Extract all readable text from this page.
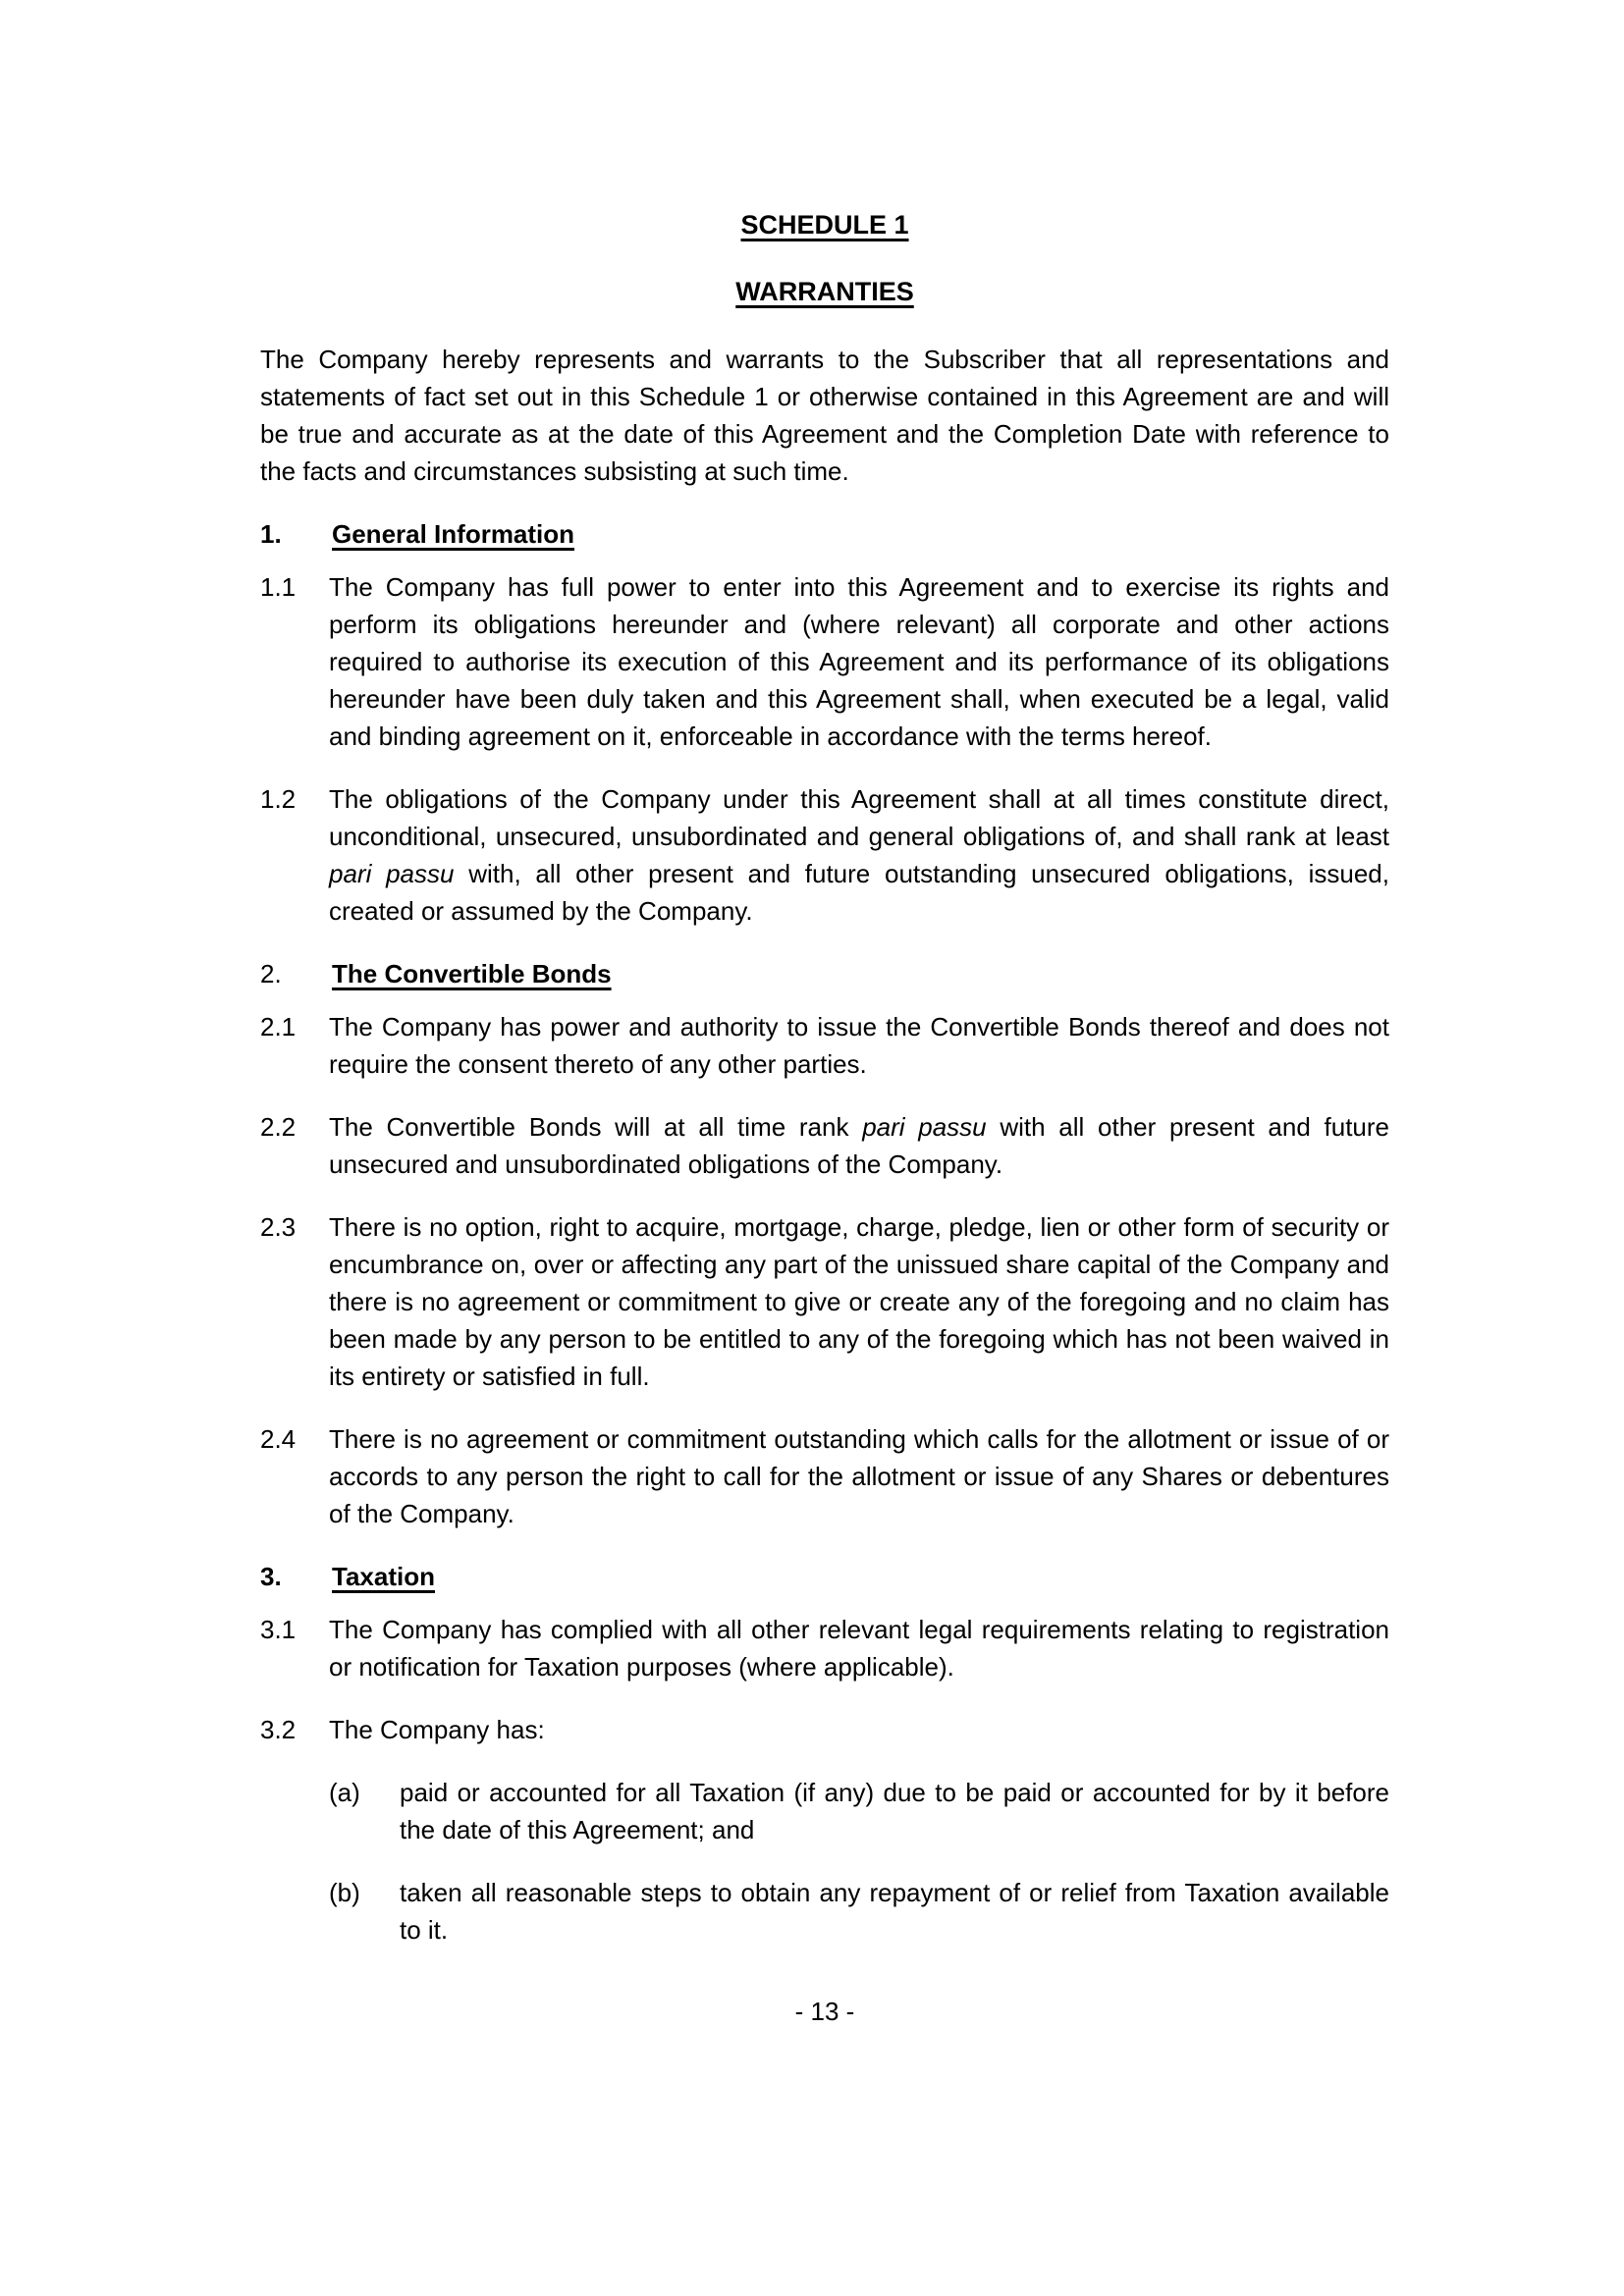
SCHEDULE 1
WARRANTIES

The Company hereby represents and warrants to the Subscriber that all representations and statements of fact set out in this Schedule 1 or otherwise contained in this Agreement are and will be true and accurate as at the date of this Agreement and the Completion Date with reference to the facts and circumstances subsisting at such time.

1.	General Information
1.1	The Company has full power to enter into this Agreement and to exercise its rights and perform its obligations hereunder and (where relevant) all corporate and other actions required to authorise its execution of this Agreement and its performance of its obligations hereunder have been duly taken and this Agreement shall, when executed be a legal, valid and binding agreement on it, enforceable in accordance with the terms hereof.

1.2	The obligations of the Company under this Agreement shall at all times constitute direct, unconditional, unsecured, unsubordinated and general obligations of, and shall rank at least pari passu with, all other present and future outstanding unsecured obligations, issued, created or assumed by the Company.

2.	The Convertible Bonds
2.1	The Company has power and authority to issue the Convertible Bonds thereof and does not require the consent thereto of any other parties.

2.2	The Convertible Bonds will at all time rank pari passu with all other present and future unsecured and unsubordinated obligations of the Company.

2.3	There is no option, right to acquire, mortgage, charge, pledge, lien or other form of security or encumbrance on, over or affecting any part of the unissued share capital of the Company and there is no agreement or commitment to give or create any of the foregoing and no claim has been made by any person to be entitled to any of the foregoing which has not been waived in its entirety or satisfied in full.

2.4	There is no agreement or commitment outstanding which calls for the allotment or issue of or accords to any person the right to call for the allotment or issue of any Shares or debentures of the Company.

3.	Taxation
3.1	The Company has complied with all other relevant legal requirements relating to registration or notification for Taxation purposes (where applicable).

3.2	The Company has:

(a)	paid or accounted for all Taxation (if any) due to be paid or accounted for by it before the date of this Agreement; and

(b)	taken all reasonable steps to obtain any repayment of or relief from Taxation available to it.

- 13 -
